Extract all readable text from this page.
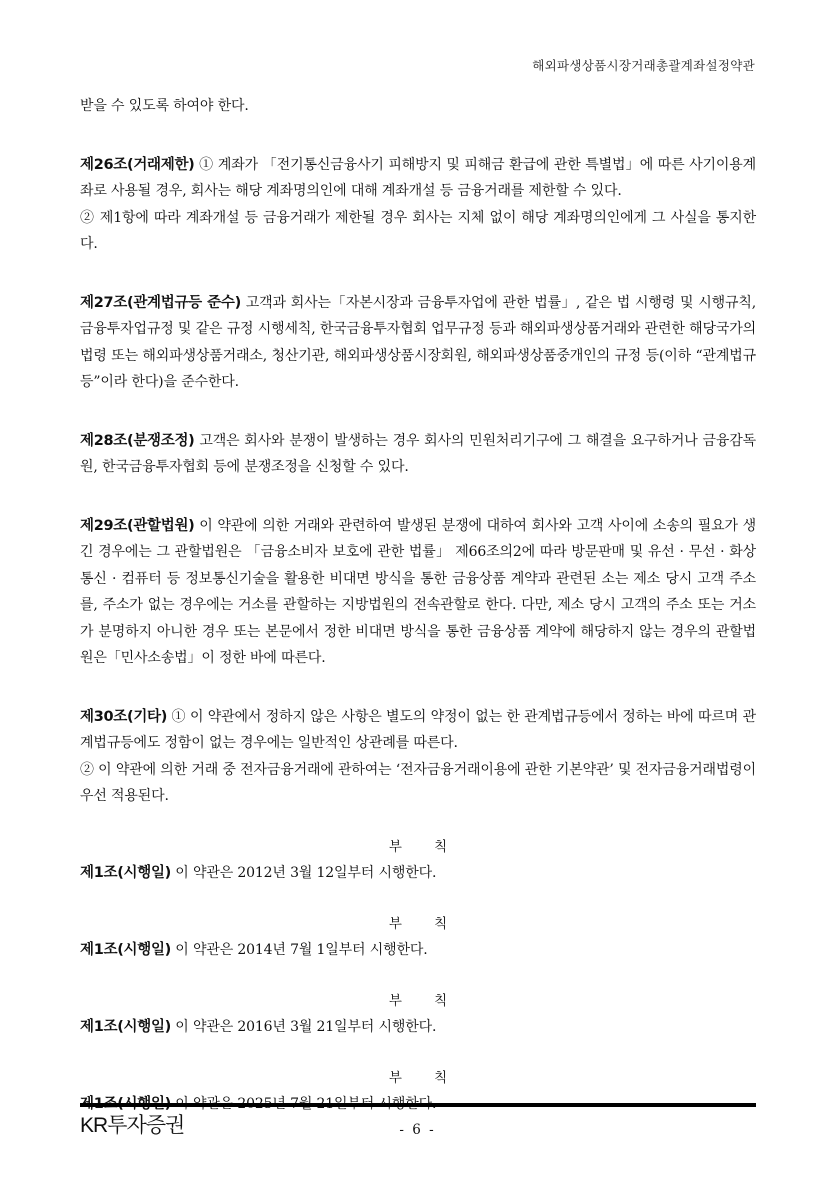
해외파생상품시장거래총괄계좌설정약관

받을 수 있도록 하여야 한다.

제26조(거래제한) ① 계좌가 「전기통신금융사기 피해방지 및 피해금 환급에 관한 특별법」에 따른 사기이용계좌로 사용될 경우, 회사는 해당 계좌명의인에 대해 계좌개설 등 금융거래를 제한할 수 있다.

② 제1항에 따라 계좌개설 등 금융거래가 제한될 경우 회사는 지체 없이 해당 계좌명의인에게 그 사실을 통지한다.

제27조(관계법규등 준수) 고객과 회사는「자본시장과 금융투자업에 관한 법률」, 같은 법 시행령 및 시행규칙, 금융투자업규정 및 같은 규정 시행세칙, 한국금융투자협회 업무규정 등과 해외파생상품거래와 관련한 해당국가의 법령 또는 해외파생상품거래소, 청산기관, 해외파생상품시장회원, 해외파생상품중개인의 규정 등(이하 “관계법규등”이라 한다)을 준수한다.

제28조(분쟁조정) 고객은 회사와 분쟁이 발생하는 경우 회사의 민원처리기구에 그 해결을 요구하거나 금융감독원, 한국금융투자협회 등에 분쟁조정을 신청할 수 있다.

제29조(관할법원) 이 약관에 의한 거래와 관련하여 발생된 분쟁에 대하여 회사와 고객 사이에 소송의 필요가 생긴 경우에는 그 관할법원은 「금융소비자 보호에 관한 법률」 제66조의2에 따라 방문판매 및 유선 · 무선 · 화상통신 · 컴퓨터 등 정보통신기술을 활용한 비대면 방식을 통한 금융상품 계약과 관련된 소는 제소 당시 고객 주소를, 주소가 없는 경우에는 거소를 관할하는 지방법원의 전속관할로 한다. 다만, 제소 당시 고객의 주소 또는 거소가 분명하지 아니한 경우 또는 본문에서 정한 비대면 방식을 통한 금융상품 계약에 해당하지 않는 경우의 관할법원은「민사소송법」이 정한 바에 따른다.

제30조(기타) ① 이 약관에서 정하지 않은 사항은 별도의 약정이 없는 한 관계법규등에서 정하는 바에 따르며 관계법규등에도 정함이 없는 경우에는 일반적인 상관례를 따른다.

② 이 약관에 의한 거래 중 전자금융거래에 관하여는 ‘전자금융거래이용에 관한 기본약관’ 및 전자금융거래법령이 우선 적용된다.

부 칙

제1조(시행일) 이 약관은 2012년 3월 12일부터 시행한다.

부 칙

제1조(시행일) 이 약관은 2014년 7월 1일부터 시행한다.

부 칙

제1조(시행일) 이 약관은 2016년 3월 21일부터 시행한다.

부 칙

KR투자증권	- 6 -
